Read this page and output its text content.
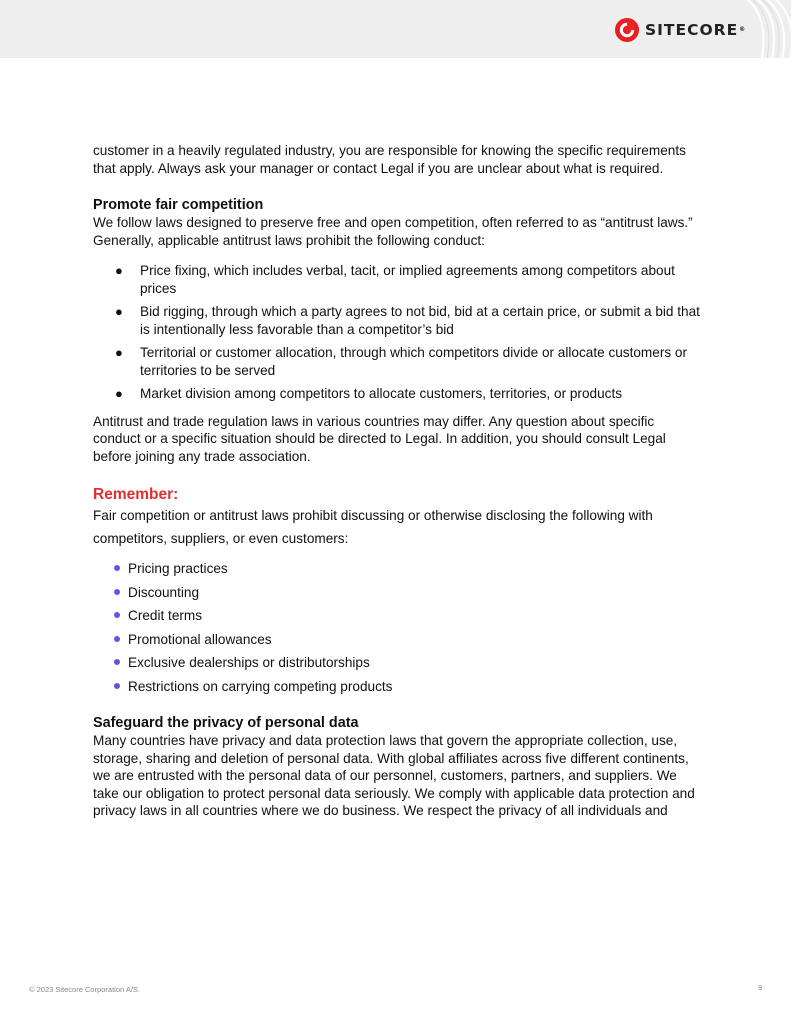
SITECORE®

customer in a heavily regulated industry, you are responsible for knowing the specific requirements that apply. Always ask your manager or contact Legal if you are unclear about what is required.

Promote fair competition

We follow laws designed to preserve free and open competition, often referred to as “antitrust laws.” Generally, applicable antitrust laws prohibit the following conduct:

● Price fixing, which includes verbal, tacit, or implied agreements among competitors about prices
● Bid rigging, through which a party agrees to not bid, bid at a certain price, or submit a bid that is intentionally less favorable than a competitor’s bid
● Territorial or customer allocation, through which competitors divide or allocate customers or territories to be served
● Market division among competitors to allocate customers, territories, or products

Antitrust and trade regulation laws in various countries may differ. Any question about specific conduct or a specific situation should be directed to Legal. In addition, you should consult Legal before joining any trade association.

Remember:

Fair competition or antitrust laws prohibit discussing or otherwise disclosing the following with competitors, suppliers, or even customers:

Pricing practices
Discounting
Credit terms
Promotional allowances
Exclusive dealerships or distributorships
Restrictions on carrying competing products
Safeguard the privacy of personal data

Many countries have privacy and data protection laws that govern the appropriate collection, use, storage, sharing and deletion of personal data. With global affiliates across five different continents, we are entrusted with the personal data of our personnel, customers, partners, and suppliers. We take our obligation to protect personal data seriously. We comply with applicable data protection and privacy laws in all countries where we do business. We respect the privacy of all individuals and

© 2023 Sitecore Corporation A/S.	9
